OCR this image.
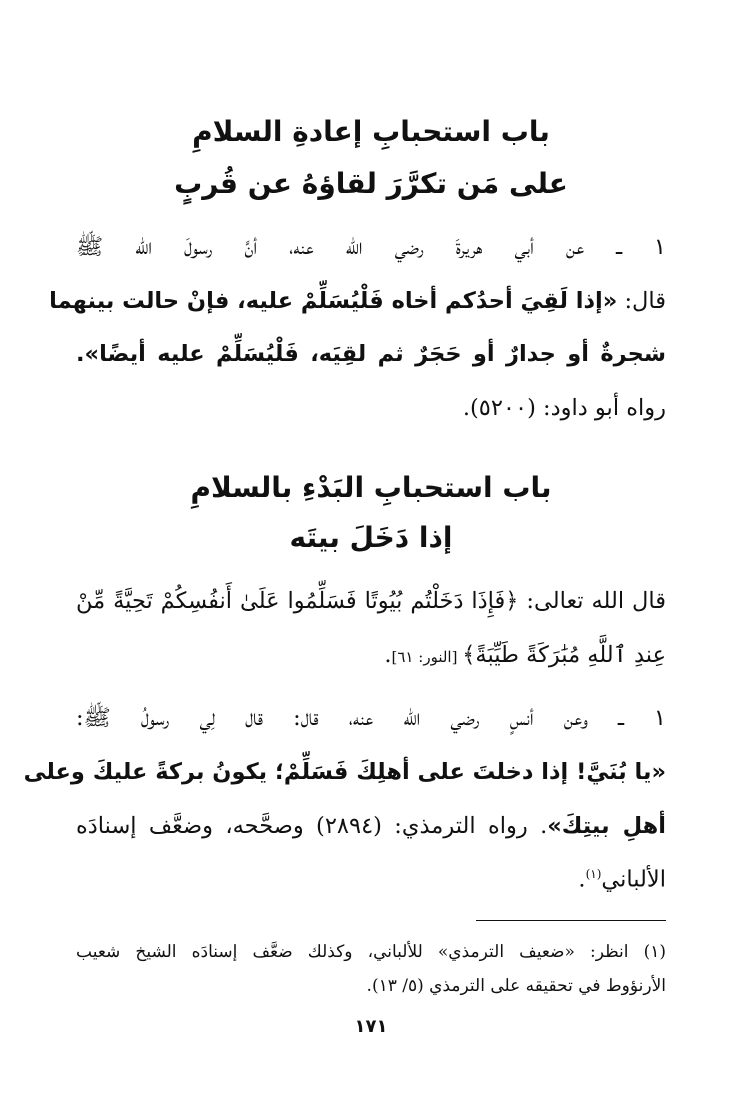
باب استحبابِ إعادةِ السلامِ
على مَن تكرَّرَ لقاؤهُ عن قُربٍ
١ ــ عن أبي هريرةَ رضي الله عنه، أنَّ رسولَ الله ﷺ
قال: «إذا لَقِيَ أحدُكم أخاه فَلْيُسَلِّمْ عليه، فإنْ حالت بينهما
شجرةٌ أو جدارٌ أو حَجَرٌ ثم لقِيَه، فَلْيُسَلِّمْ عليه أيضًا».
رواه أبو داود: (٥٢٠٠).
باب استحبابِ البَدْءِ بالسلامِ
إذا دَخَلَ بيتَه
قال الله تعالى: ﴿فَإِذَا دَخَلْتُم بُيُوتًا فَسَلِّمُوا عَلَىٰ أَنفُسِكُمْ تَحِيَّةً مِّنْ
عِندِ ٱللَّهِ مُبَٰرَكَةً طَيِّبَةً﴾ [النور: ٦١].
١ ــ وعن أنسٍ رضي الله عنه، قال: قال لِي رسولُ ﷺ:
«يا بُنَيَّ! إذا دخلتَ على أهلِكَ فَسَلِّمْ؛ يكونُ بركةً عليكَ وعلى
أهلِ بيتِكَ». رواه الترمذي: (٢٨٩٤) وصحَّحه، وضعَّف إسنادَه
الألباني$^{(١)}$.
(١) انظر: «ضعيف الترمذي» للألباني، وكذلك ضعَّف إسنادَه الشيخ شعيب
الأرنؤوط في تحقيقه على الترمذي (٥/ ١٣).
١٧١
